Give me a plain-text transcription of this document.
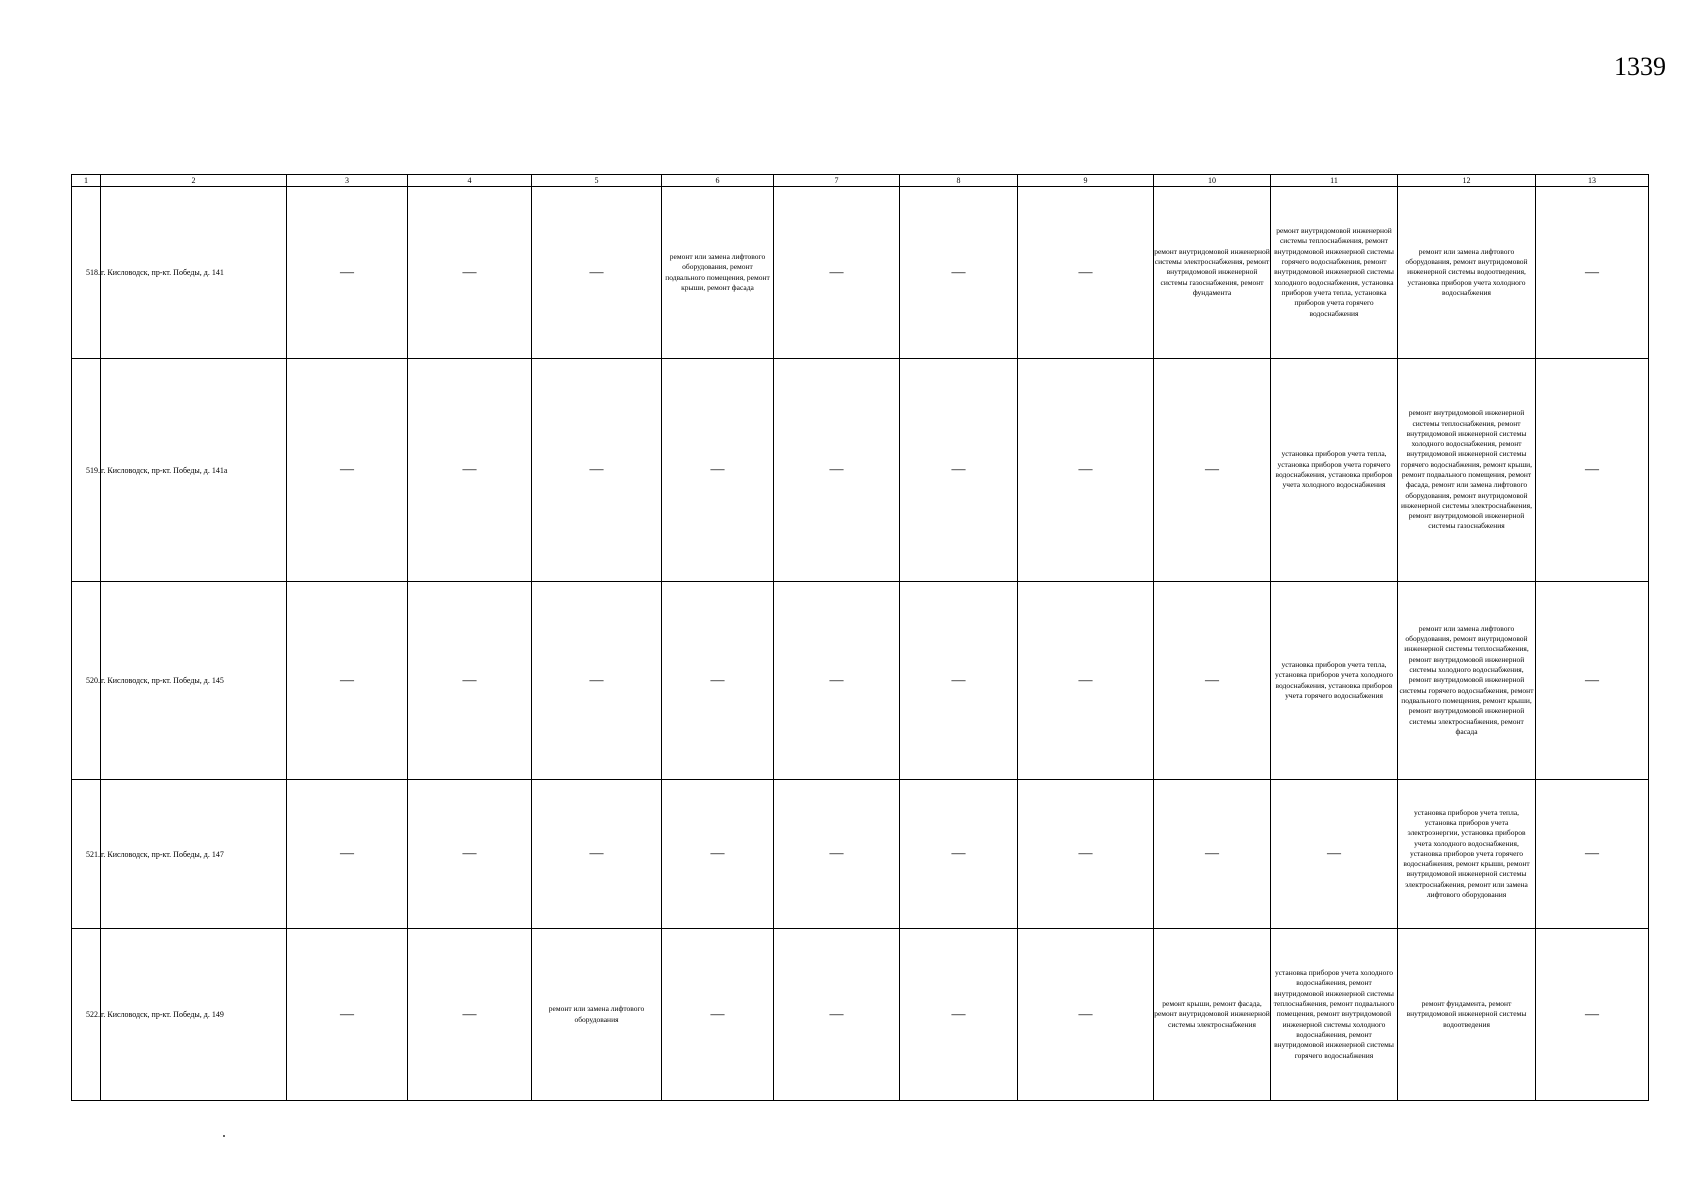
1339
1	2	3	4	5	6	7	8	9	10	11	12	13
518.	г. Кисловодск, пр-кт. Победы, д. 141	—	—	—	ремонт или замена лифтового оборудования, ремонт подвального помещения, ремонт крыши, ремонт фасада	—	—	—	ремонт внутридомовой инженерной системы электроснабжения, ремонт внутридомовой инженерной системы газоснабжения, ремонт фундамента	ремонт внутридомовой инженерной системы теплоснабжения, ремонт внутридомовой инженерной системы горячего водоснабжения, ремонт внутридомовой инженерной системы холодного водоснабжения, установка приборов учета тепла, установка приборов учета горячего водоснабжения	ремонт или замена лифтового оборудования, ремонт внутридомовой инженерной системы водоотведения, установка приборов учета холодного водоснабжения	—
519.	г. Кисловодск, пр-кт. Победы, д. 141а	—	—	—	—	—	—	—	—	установка приборов учета тепла, установка приборов учета горячего водоснабжения, установка приборов учета холодного водоснабжения	ремонт внутридомовой инженерной системы теплоснабжения, ремонт внутридомовой инженерной системы холодного водоснабжения, ремонт внутридомовой инженерной системы горячего водоснабжения, ремонт крыши, ремонт подвального помещения, ремонт фасада, ремонт или замена лифтового оборудования, ремонт внутридомовой инженерной системы электроснабжения, ремонт внутридомовой инженерной системы газоснабжения	—
520.	г. Кисловодск, пр-кт. Победы, д. 145	—	—	—	—	—	—	—	—	установка приборов учета тепла, установка приборов учета холодного водоснабжения, установка приборов учета горячего водоснабжения	ремонт или замена лифтового оборудования, ремонт внутридомовой инженерной системы теплоснабжения, ремонт внутридомовой инженерной системы холодного водоснабжения, ремонт внутридомовой инженерной системы горячего водоснабжения, ремонт подвального помещения, ремонт крыши, ремонт внутридомовой инженерной системы электроснабжения, ремонт фасада	—
521.	г. Кисловодск, пр-кт. Победы, д. 147	—	—	—	—	—	—	—	—	—	установка приборов учета тепла, установка приборов учета электроэнергии, установка приборов учета холодного водоснабжения, установка приборов учета горячего водоснабжения, ремонт крыши, ремонт внутридомовой инженерной системы электроснабжения, ремонт или замена лифтового оборудования	—
522.	г. Кисловодск, пр-кт. Победы, д. 149	—	—	ремонт или замена лифтового оборудования	—	—	—	—	ремонт крыши, ремонт фасада, ремонт внутридомовой инженерной системы электроснабжения	установка приборов учета холодного водоснабжения, ремонт внутридомовой инженерной системы теплоснабжения, ремонт подвального помещения, ремонт внутридомовой инженерной системы холодного водоснабжения, ремонт внутридомовой инженерной системы горячего водоснабжения	ремонт фундамента, ремонт внутридомовой инженерной системы водоотведения	—
